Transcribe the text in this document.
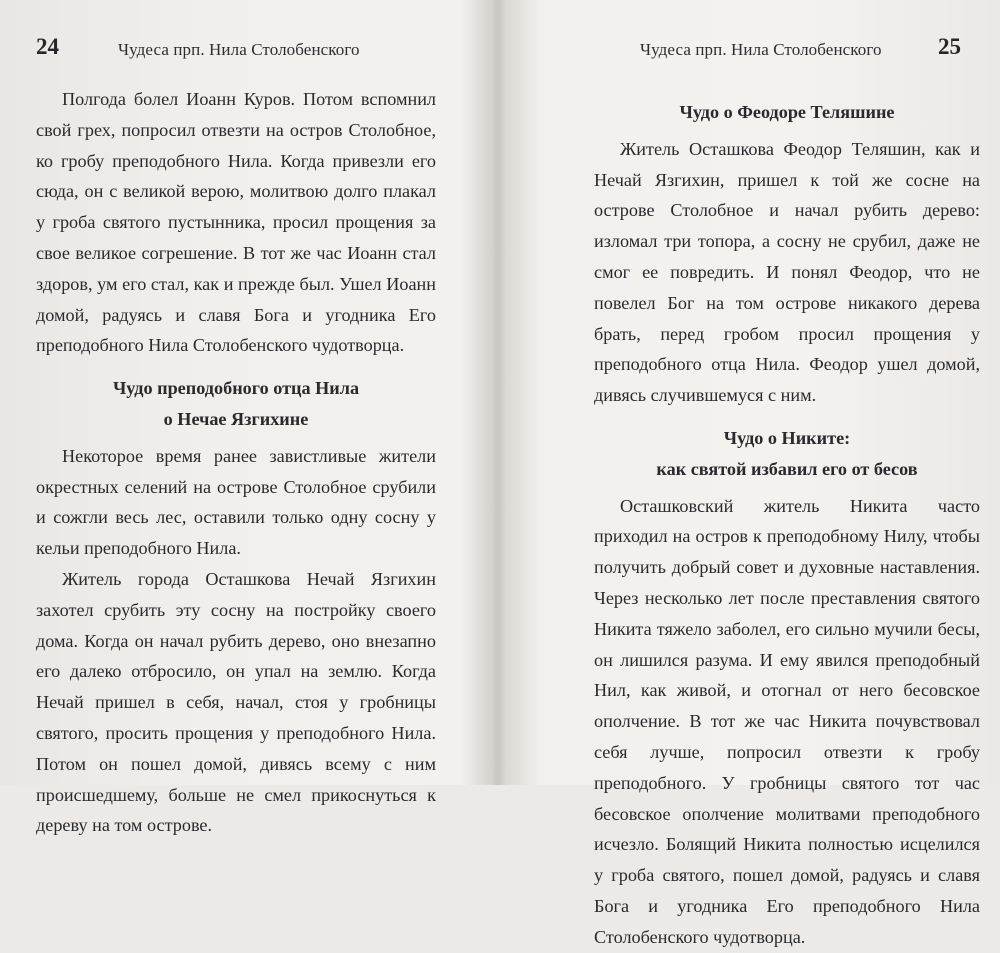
24	Чудеса прп. Нила Столобенского

Полгода болел Иоанн Куров. Потом вспомнил свой грех, попросил отвезти на остров Столобное, ко гробу преподобного Нила. Когда привезли его сюда, он с великой верою, молитвою долго плакал у гроба святого пустынника, просил прощения за свое великое согрешение. В тот же час Иоанн стал здоров, ум его стал, как и прежде был. Ушел Иоанн домой, радуясь и славя Бога и угодника Его преподобного Нила Столобенского чудотворца.

Чудо преподобного отца Нила

о Нечае Язгихине

Некоторое время ранее завистливые жители окрестных селений на острове Столобное срубили и сожгли весь лес, оставили только одну сосну у кельи преподобного Нила.

Житель города Осташкова Нечай Язгихин захотел срубить эту сосну на постройку своего дома. Когда он начал рубить дерево, оно внезапно его далеко отбросило, он упал на землю. Когда Нечай пришел в себя, начал, стоя у гробницы святого, просить прощения у преподобного Нила. Потом он пошел домой, дивясь всему с ним происшедшему, больше не смел прикоснуться к дереву на том острове.

Чудеса прп. Нила Столобенского 25

Чудо о Феодоре Теляшине

Житель Осташкова Феодор Теляшин, как и Нечай Язгихин, пришел к той же сосне на острове Столобное и начал рубить дерево: изломал три топора, а сосну не срубил, даже не смог ее повредить. И понял Феодор, что не повелел Бог на том острове никакого дерева брать, перед гробом просил прощения у преподобного отца Нила. Феодор ушел домой, дивясь случившемуся с ним.

Чудо о Никите:

как святой избавил его от бесов

Осташковский житель Никита часто приходил на остров к преподобному Нилу, чтобы получить добрый совет и духовные наставления. Через несколько лет после преставления святого Никита тяжело заболел, его сильно мучили бесы, он лишился разума. И ему явился преподобный Нил, как живой, и отогнал от него бесовское ополчение. В тот же час Никита почувствовал себя лучше, попросил отвезти к гробу преподобного. У гробницы святого тот час бесовское ополчение молитвами преподобного исчезло. Болящий Никита полностью исцелился у гроба святого, пошел домой, радуясь и славя Бога и угодника Его преподобного Нила Столобенского чудотворца.
